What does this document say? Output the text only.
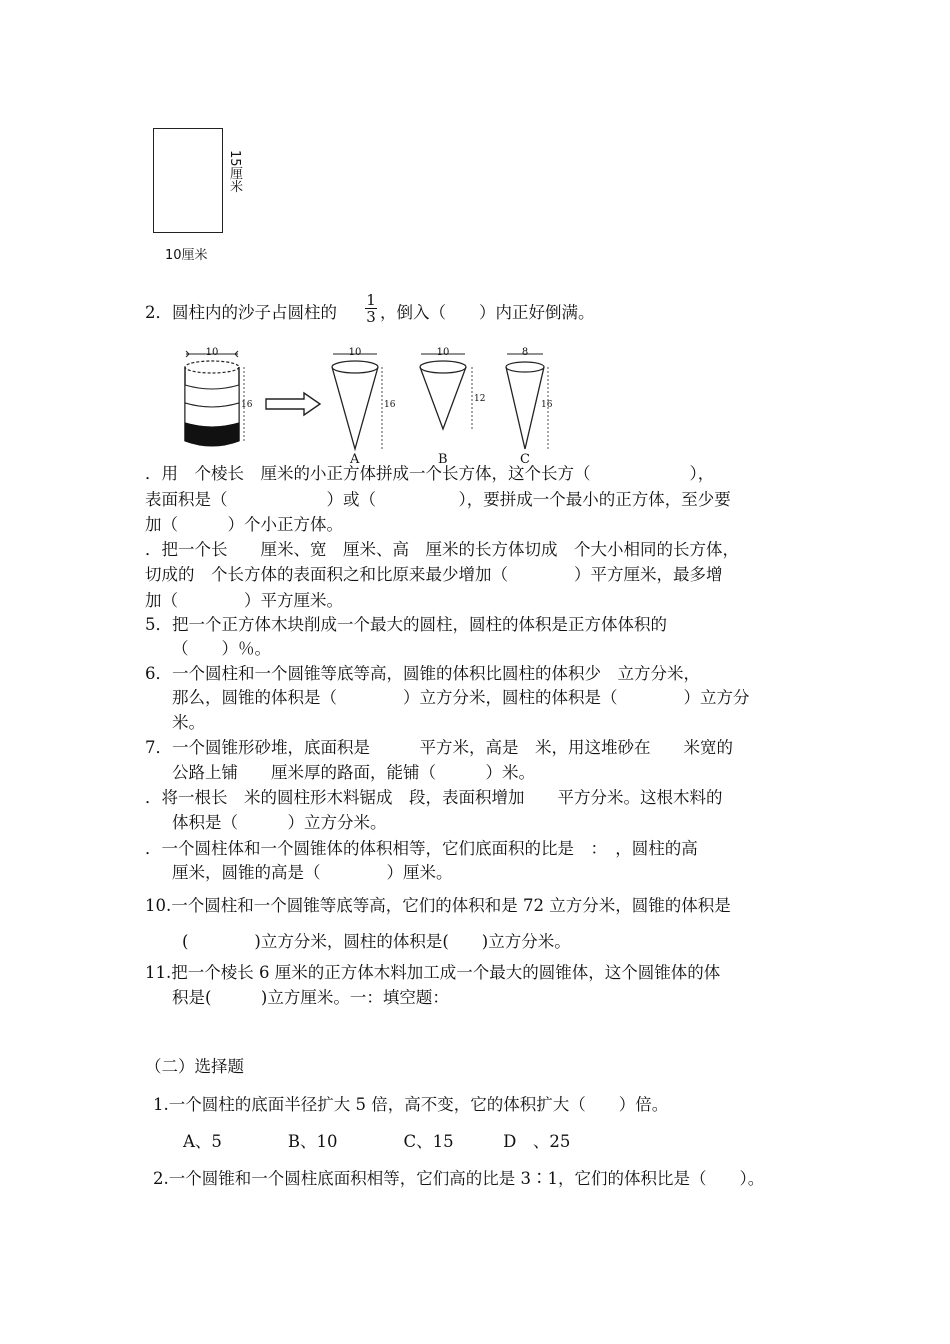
15厘米
10厘米
2．圆柱内的沙子占圆柱的 $\frac{1}{3}$ ，倒入（　　）内正好倒满。
10
16
10
16
A
10
12
B
8
16
C
．用　个棱长　厘米的小正方体拼成一个长方体，这个长方（　　　　　　），
表面积是（　　　　　　）或（　　　　　），要拼成一个最小的正方体，至少要
加（　　　）个小正方体。
．把一个长　　厘米、宽　厘米、高　厘米的长方体切成　个大小相同的长方体，
切成的　个长方体的表面积之和比原来最少增加（　　　　）平方厘米，最多增
加（　　　　）平方厘米。
5．把一个正方体木块削成一个最大的圆柱，圆柱的体积是正方体体积的
（　　）％。
6．一个圆柱和一个圆锥等底等高，圆锥的体积比圆柱的体积少　立方分米，
那么，圆锥的体积是（　　　　）立方分米，圆柱的体积是（　　　　）立方分
米。
7．一个圆锥形砂堆，底面积是　　　平方米，高是　米，用这堆砂在　　米宽的
公路上铺　　厘米厚的路面，能铺（　　　）米。
．将一根长　米的圆柱形木料锯成　段，表面积增加　　平方分米。这根木料的
体积是（　　　）立方分米。
．一个圆柱体和一个圆锥体的体积相等，它们底面积的比是　：　，圆柱的高
厘米，圆锥的高是（　　　　）厘米。
10.一个圆柱和一个圆锥等底等高，它们的体积和是 72 立方分米，圆锥的体积是
(　　　　)立方分米，圆柱的体积是(　　)立方分米。
11.把一个棱长 6 厘米的正方体木料加工成一个最大的圆锥体，这个圆锥体的体
积是(　　　)立方厘米。一：填空题：
（二）选择题
1.一个圆柱的底面半径扩大 5 倍，高不变，它的体积扩大（　　）倍。
A、5　　　　B、10　　　　C、15　　　D　、25
2.一个圆锥和一个圆柱底面积相等，它们高的比是 3∶1，它们的体积比是（　　）。
